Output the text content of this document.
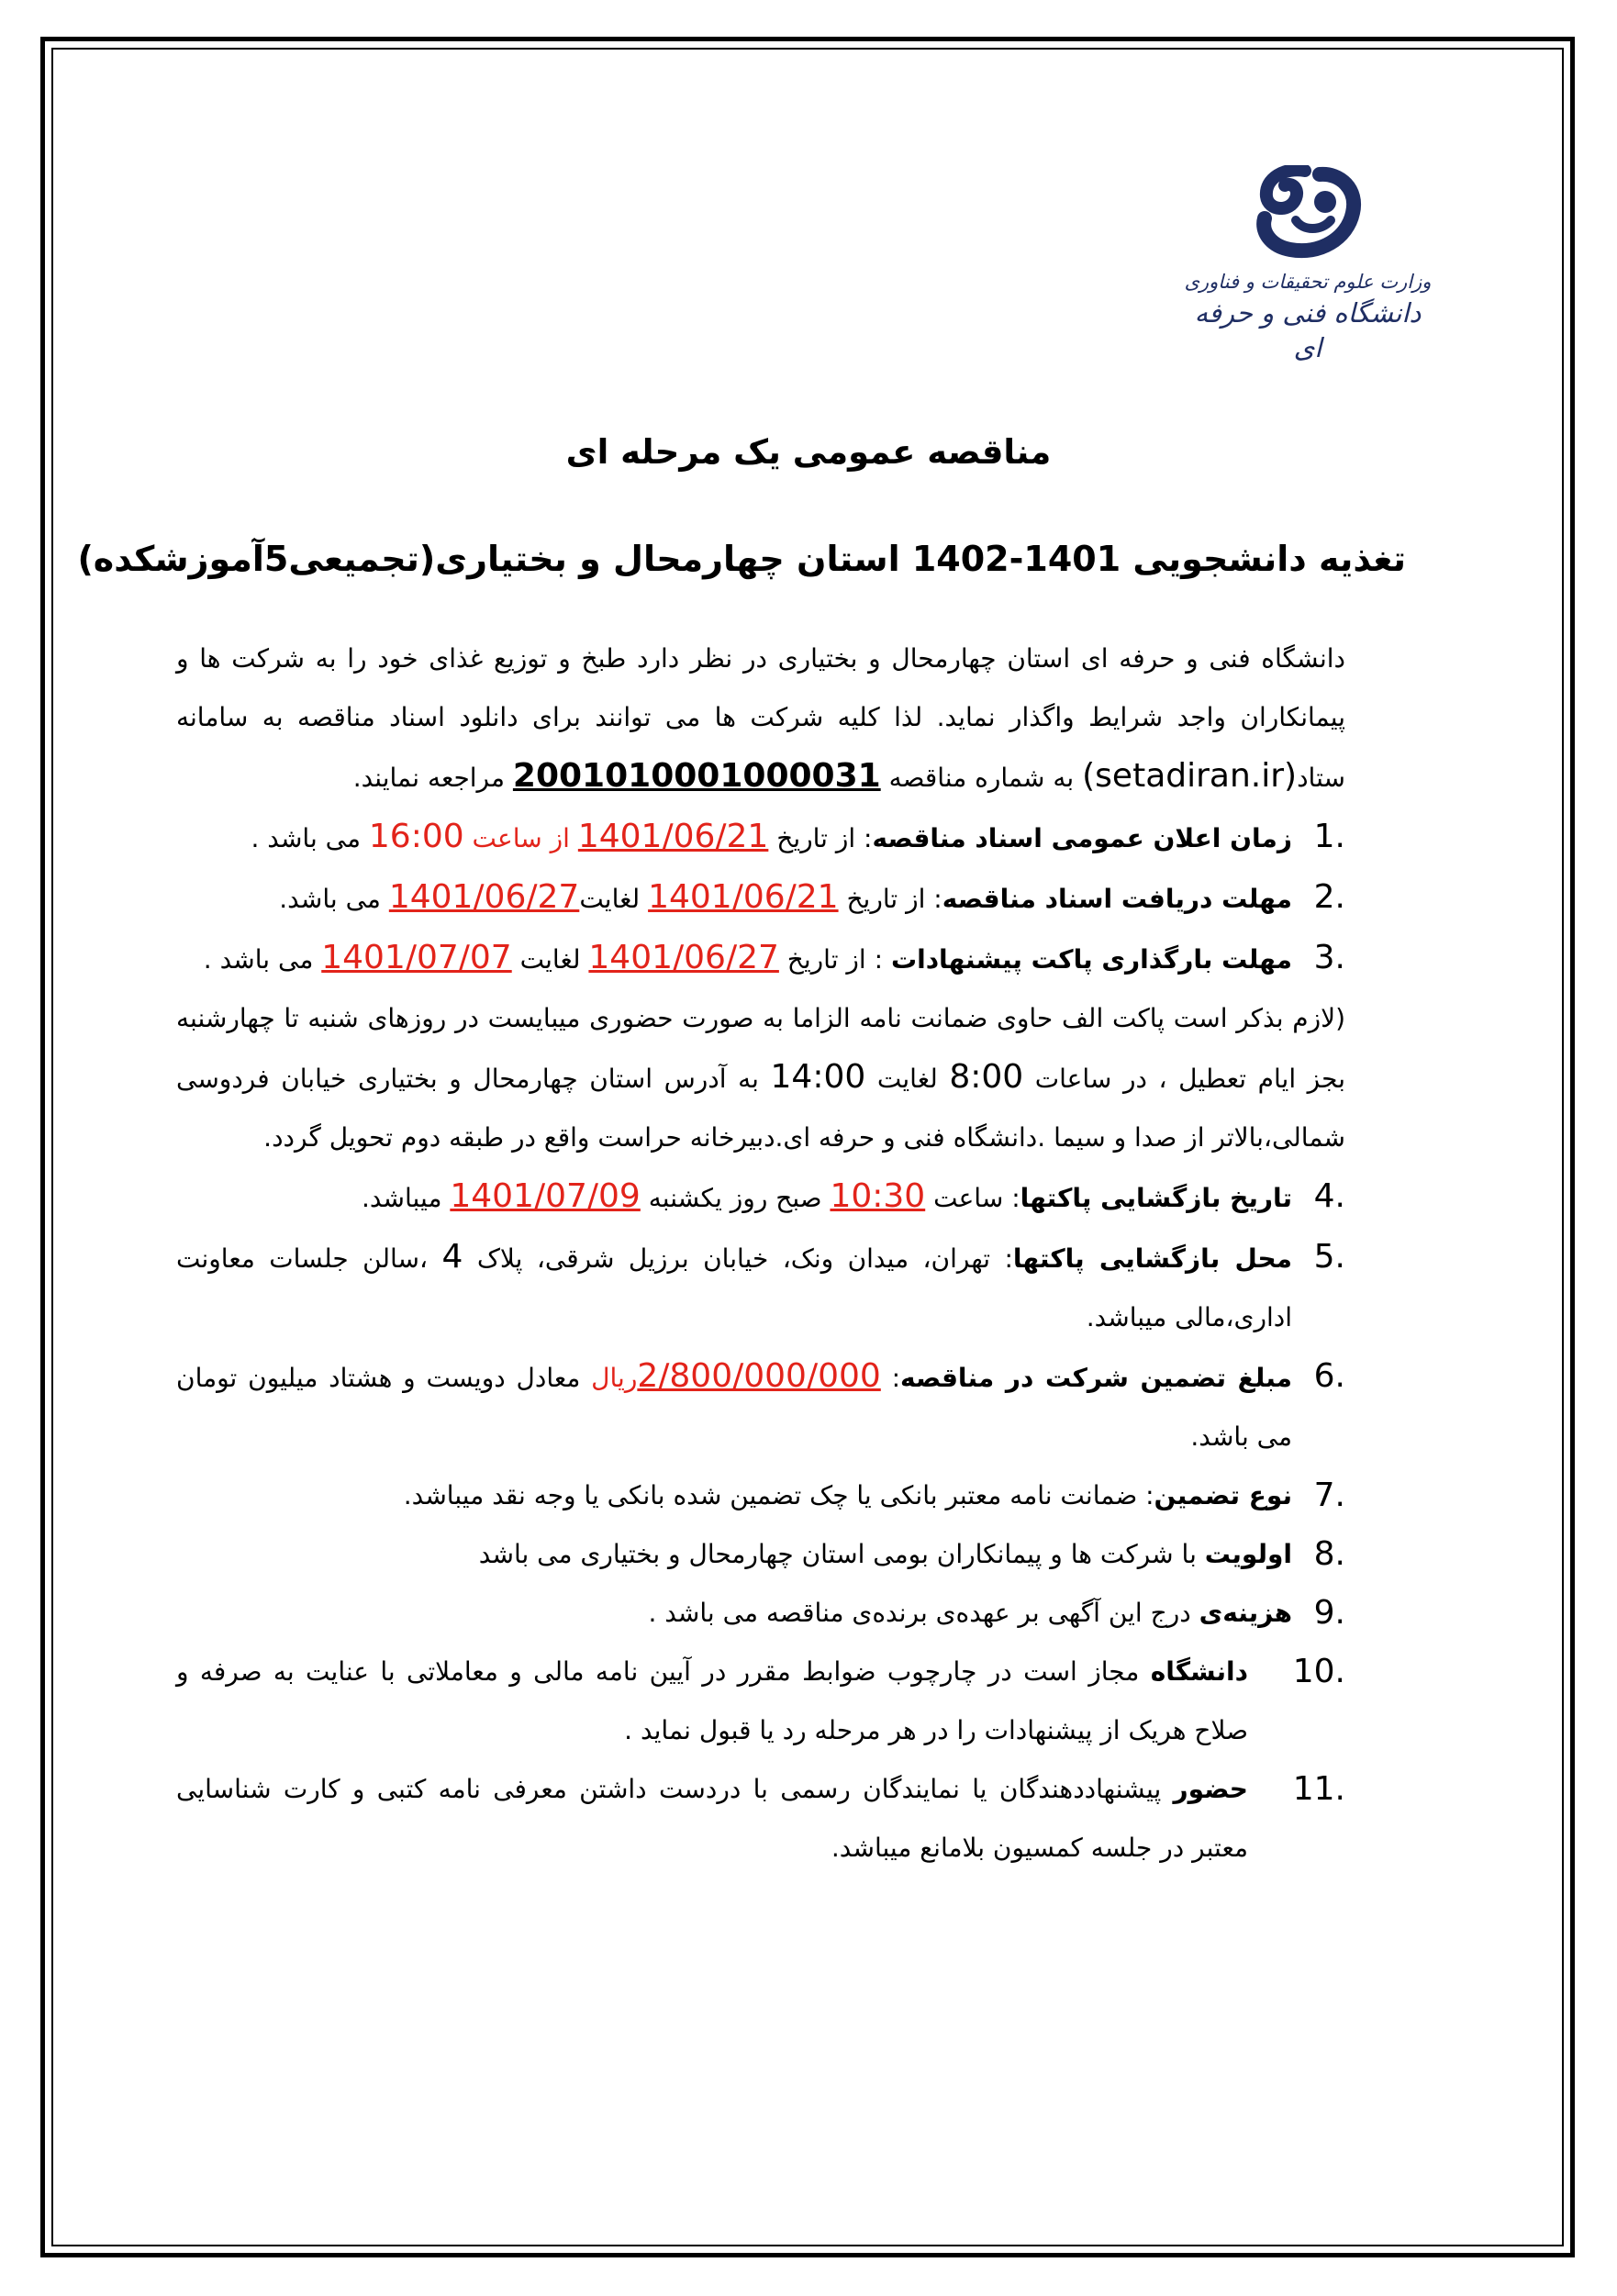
وزارت علوم تحقیقات و فناوری
دانشگاه فنی و حرفه ای
مناقصه عمومی یک مرحله ای
تغذیه دانشجویی 1401-1402 استان چهارمحال و بختیاری(تجمیعی5آموزشکده)

دانشگاه فنی و حرفه ای استان چهارمحال و بختیاری در نظر دارد طبخ و توزیع غذای خود را به شرکت ها و پیمانکاران واجد شرایط واگذار نماید. لذا کلیه شرکت ها می توانند برای دانلود اسناد مناقصه به سامانه ستاد(setadiran.ir) به شماره مناقصه 2001010001000031 مراجعه نمایند.

1.
زمان اعلان عمومی اسناد مناقصه: از تاریخ 1401/06/21 از ساعت 16:00 می باشد .

2.
مهلت دریافت اسناد مناقصه: از تاریخ 1401/06/21 لغایت1401/06/27 می باشد.

3.
مهلت بارگذاری پاکت پیشنهادات : از تاریخ 1401/06/27 لغایت 1401/07/07 می باشد .

(لازم بذکر است پاکت الف حاوی ضمانت نامه الزاما به صورت حضوری میبایست در روزهای شنبه تا چهارشنبه بجز ایام تعطیل ، در ساعات 8:00 لغایت 14:00 به آدرس استان چهارمحال و بختیاری خیابان فردوسی شمالی،بالاتر از صدا و سیما .دانشگاه فنی و حرفه ای.دبیرخانه حراست واقع در طبقه دوم تحویل گردد.

4.
تاریخ بازگشایی پاکتها: ساعت 10:30 صبح روز یکشنبه 1401/07/09 میباشد.

5.
محل بازگشایی پاکتها: تهران، میدان ونک، خیابان برزیل شرقی، پلاک 4 ،سالن جلسات معاونت اداری،مالی میباشد.

6.
مبلغ تضمین شرکت در مناقصه: 2/800/000/000ریال معادل دویست و هشتاد میلیون تومان می باشد.

7.
نوع تضمین: ضمانت نامه معتبر بانکی یا چک تضمین شده بانکی یا وجه نقد میباشد.

8.
اولویت با شرکت ها و پیمانکاران بومی استان چهارمحال و بختیاری می باشد

9.
هزینه‌ی درج این آگهی بر عهده‌ی برنده‌ی مناقصه می باشد .

10.
دانشگاه مجاز است در چارچوب ضوابط مقرر در آیین نامه مالی و معاملاتی با عنایت به صرفه و صلاح هریک از پیشنهادات را در هر مرحله رد یا قبول نماید .

11.
حضور پیشنهاددهندگان یا نمایندگان رسمی با دردست داشتن معرفی نامه کتبی و کارت شناسایی معتبر در جلسه کمسیون بلامانع میباشد.
